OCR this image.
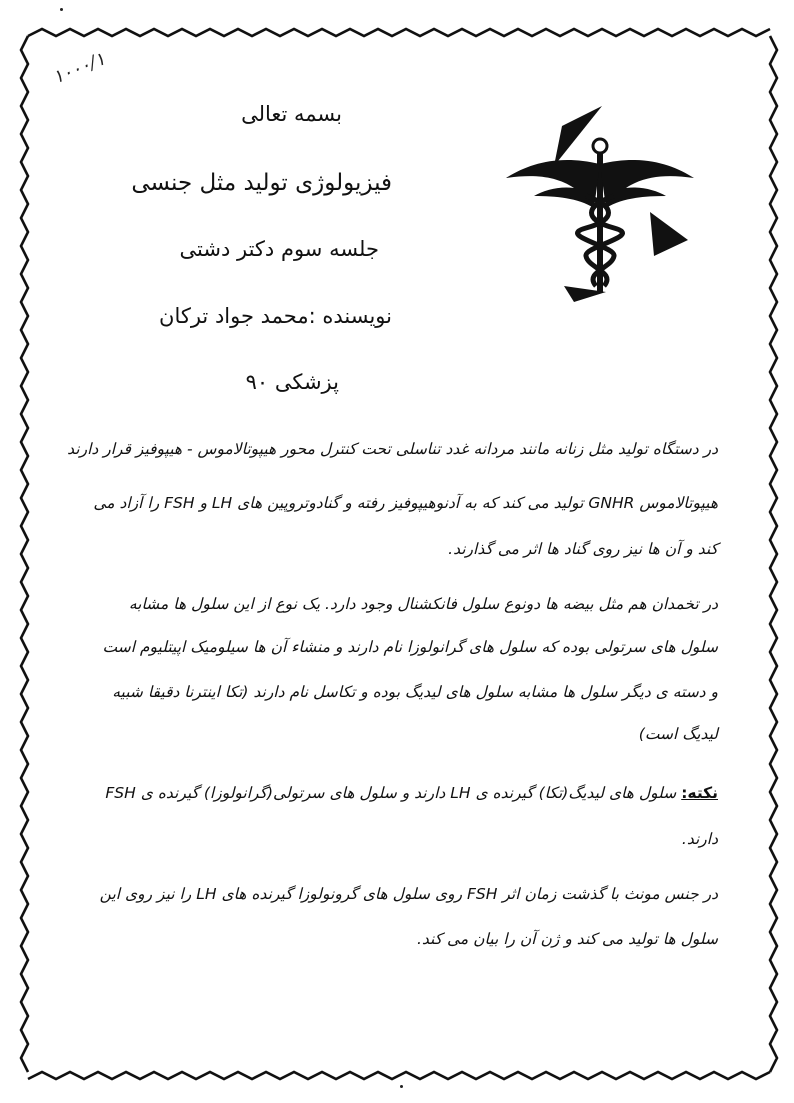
۱۰۰۰/۱
بسمه تعالی
فیزیولوژی تولید مثل جنسی
جلسه سوم دکتر دشتی
نویسنده :محمد جواد ترکان
پزشکی ۹۰
در دستگاه تولید مثل زنانه مانند مردانه غدد تناسلی تحت کنترل محور هیپوتالاموس - هیپوفیز قرار دارند
هیپوتالاموس GNHR تولید می کند که به آدنوهیپوفیز رفته و گنادوتروپین های LH و FSH را آزاد می
کند و آن ها نیز روی گناد ها اثر می گذارند.
در تخمدان هم مثل بیضه ها دونوع سلول فانکشنال وجود دارد. یک نوع از این سلول ها مشابه
سلول های سرتولی بوده که سلول های گرانولوزا نام دارند و منشاء آن ها سیلومیک اپیتلیوم است
و دسته ی دیگر سلول ها مشابه سلول های لیدیگ بوده و تکاسل نام دارند (تکا اینترنا دقیقا شبیه
لیدیگ است)
نکته: سلول های لیدیگ(تکا) گیرنده ی LH دارند و سلول های سرتولی(گرانولوزا) گیرنده ی FSH
دارند.
در جنس مونث با گذشت زمان اثر FSH روی سلول های گرونولوزا گیرنده های LH را نیز روی این
سلول ها تولید می کند و ژن آن را بیان می کند.
